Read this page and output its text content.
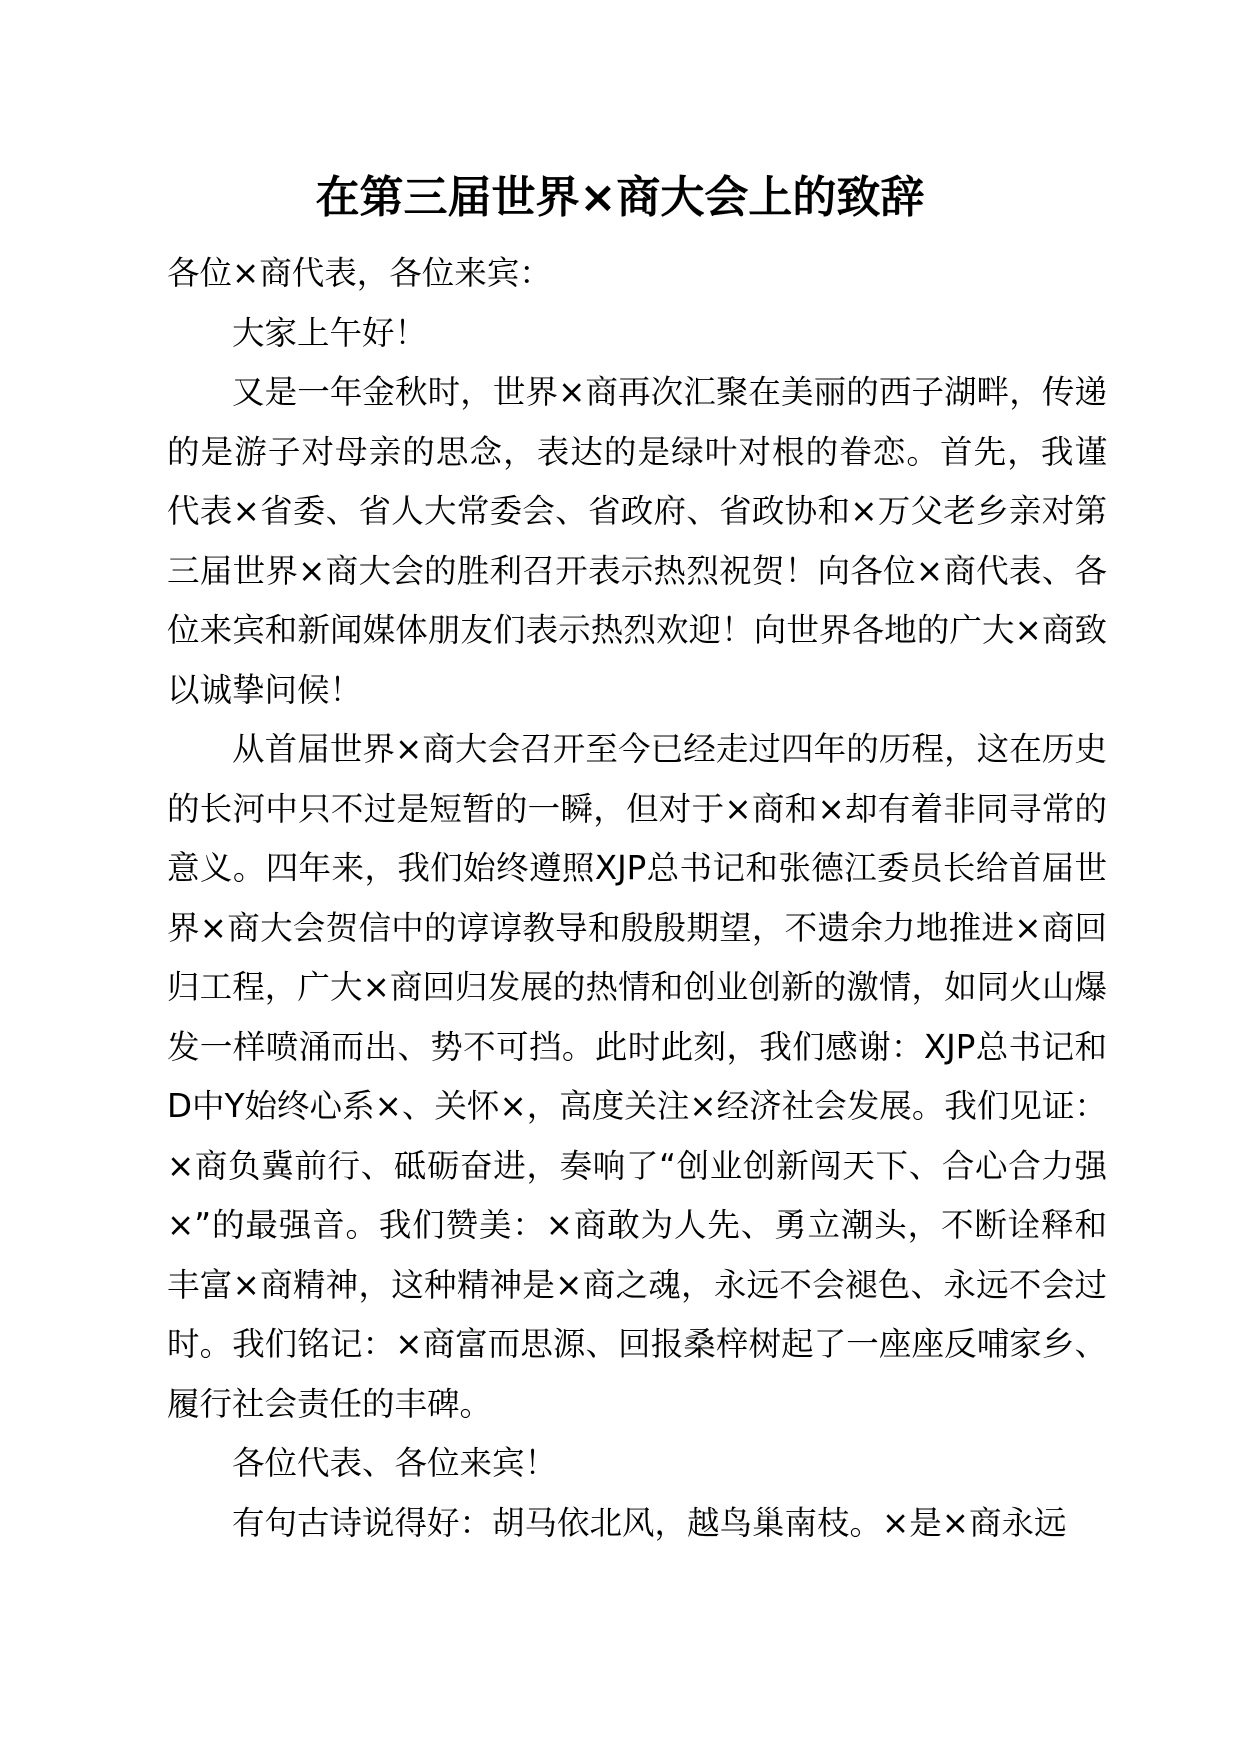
在第三届世界×商大会上的致辞

各位×商代表，各位来宾：

大家上午好！

又是一年金秋时，世界×商再次汇聚在美丽的西子湖畔，传递的是游子对母亲的思念，表达的是绿叶对根的眷恋。首先，我谨代表×省委、省人大常委会、省政府、省政协和×万父老乡亲对第三届世界×商大会的胜利召开表示热烈祝贺！向各位×商代表、各位来宾和新闻媒体朋友们表示热烈欢迎！向世界各地的广大×商致以诚挚问候！

从首届世界×商大会召开至今已经走过四年的历程，这在历史的长河中只不过是短暂的一瞬，但对于×商和×却有着非同寻常的意义。四年来，我们始终遵照XJP总书记和张德江委员长给首届世界×商大会贺信中的谆谆教导和殷殷期望，不遗余力地推进×商回归工程，广大×商回归发展的热情和创业创新的激情，如同火山爆发一样喷涌而出、势不可挡。此时此刻，我们感谢：XJP总书记和D中Y始终心系×、关怀×，高度关注×经济社会发展。我们见证：×商负冀前行、砥砺奋进，奏响了“创业创新闯天下、合心合力强×”的最强音。我们赞美：×商敢为人先、勇立潮头，不断诠释和丰富×商精神，这种精神是×商之魂，永远不会褪色、永远不会过时。我们铭记：×商富而思源、回报桑梓树起了一座座反哺家乡、履行社会责任的丰碑。

各位代表、各位来宾！

有句古诗说得好：胡马依北风，越鸟巢南枝。×是×商永远
